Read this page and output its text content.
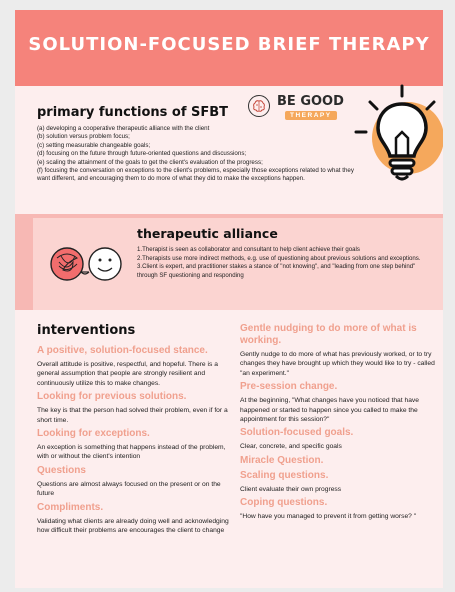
SOLUTION-FOCUSED BRIEF THERAPY
BE GOOD
THERAPY
primary functions of SFBT
(a) developing a cooperative therapeutic alliance with the client
(b) solution versus problem focus;
(c) setting measurable changeable goals;
(d) focusing on the future through future-oriented questions and discussions;
(e) scaling the attainment of the goals to get the client's evaluation of the progress;
(f) focusing the conversation on exceptions to the client's problems, especially those exceptions related to what they want different, and encouraging them to do more of what they did to make the exceptions happen.
therapeutic alliance
1.Therapist is seen as collaborator and consultant to help client achieve their goals
2.Therapists use more indirect methods, e.g. use of questioning about previous solutions and exceptions.
3.Client is expert, and practitioner stakes a stance of "not knowing", and "leading from one step behind" through SF questioning and responding
interventions
A positive, solution-focused stance.
Overall attitude is positive, respectful, and hopeful. There is a general assumption that people are strongly resilient and continuously utilize this to make changes.
Looking for previous solutions.
The key is that the person had solved their problem, even if for a short time.
Looking for exceptions.
An exception is something that happens instead of the problem, with or without the client's intention
Questions
Questions are almost always focused on the present or on the future
Compliments.
Validating what clients are already doing well and acknowledging how difficult their problems are encourages the client to change
Gentle nudging to do more of what is working.
Gently nudge to do more of what has previously worked, or to try changes they have brought up which they would like to try - called "an experiment."
Pre-session change.
At the beginning, "What changes have you noticed that have happened or started to happen since you called to make the appointment for this session?"
Solution-focused goals.
Clear, concrete, and specific goals
Miracle Question.
Scaling questions.
Client evaluate their own progress
Coping questions.
"How have you managed to prevent it from getting worse? "
